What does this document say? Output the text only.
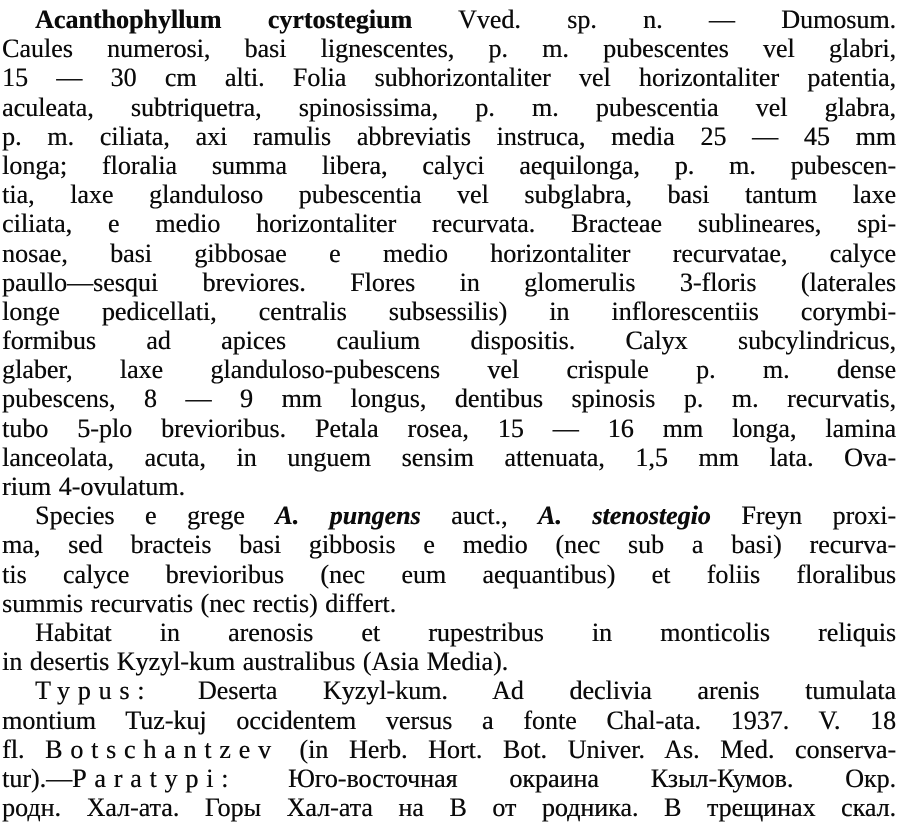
Acanthophyllum cyrtostegium Vved. sp. n. — Dumosum.
Caules numerosi, basi lignescentes, p. m. pubescentes vel glabri,
15 — 30 cm alti. Folia subhorizontaliter vel horizontaliter patentia,
aculeata, subtriquetra, spinosissima, p. m. pubescentia vel glabra,
p. m. ciliata, axi ramulis abbreviatis instruca, media 25 — 45 mm
longa; floralia summa libera, calyci aequilonga, p. m. pubescen-
tia, laxe glanduloso pubescentia vel subglabra, basi tantum laxe
ciliata, e medio horizontaliter recurvata. Bracteae sublineares, spi-
nosae, basi gibbosae e medio horizontaliter recurvatae, calyce
paullo—sesqui breviores. Flores in glomerulis 3-floris (laterales
longe pedicellati, centralis subsessilis) in inflorescentiis corymbi-
formibus ad apices caulium dispositis. Calyx subcylindricus,
glaber, laxe glanduloso-pubescens vel crispule p. m. dense
pubescens, 8 — 9 mm longus, dentibus spinosis p. m. recurvatis,
tubo 5-plo brevioribus. Petala rosea, 15 — 16 mm longa, lamina
lanceolata, acuta, in unguem sensim attenuata, 1,5 mm lata. Ova-
rium 4-ovulatum.
Species e grege A. pungens auct., A. stenostegio Freyn proxi-
ma, sed bracteis basi gibbosis e medio (nec sub a basi) recurva-
tis calyce brevioribus (nec eum aequantibus) et foliis floralibus
summis recurvatis (nec rectis) differt.
Habitat in arenosis et rupestribus in monticolis reliquis
in desertis Kyzyl-kum australibus (Asia Media).
Typus: Deserta Kyzyl-kum. Ad declivia arenis tumulata
montium Tuz-kuj occidentem versus a fonte Chal-ata. 1937. V. 18
fl. Botschantzev (in Herb. Hort. Bot. Univer. As. Med. conserva-
tur).—Paratypi: Юго-восточная окраина Кзыл-Кумов. Окр.
родн. Хал-ата. Горы Хал-ата на В от родника. В трещинах скал.
